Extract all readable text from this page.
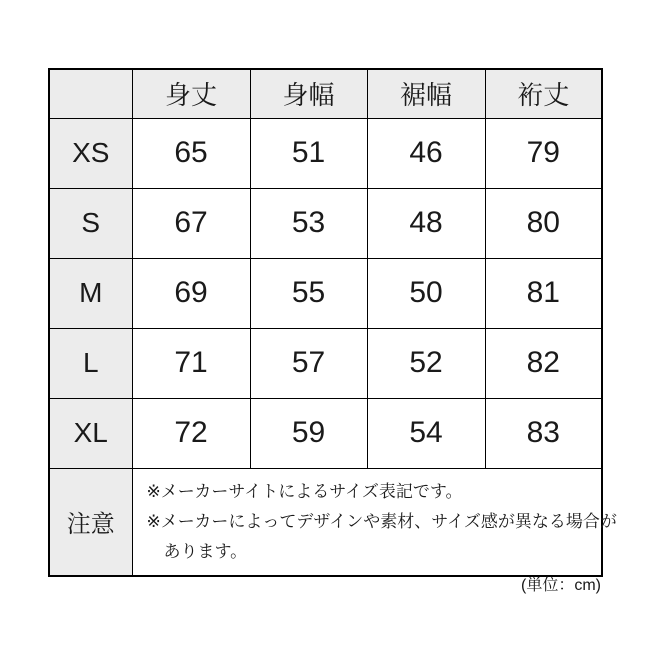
	身丈	身幅	裾幅	裄丈
XS	65	51	46	79
S	67	53	48	80
M	69	55	50	81
L	71	57	52	82
XL	72	59	54	83
注意	※メーカーサイトによるサイズ表記です。
※メーカーによってデザインや素材、サイズ感が異なる場合が
あります。			
(単位：cm)
